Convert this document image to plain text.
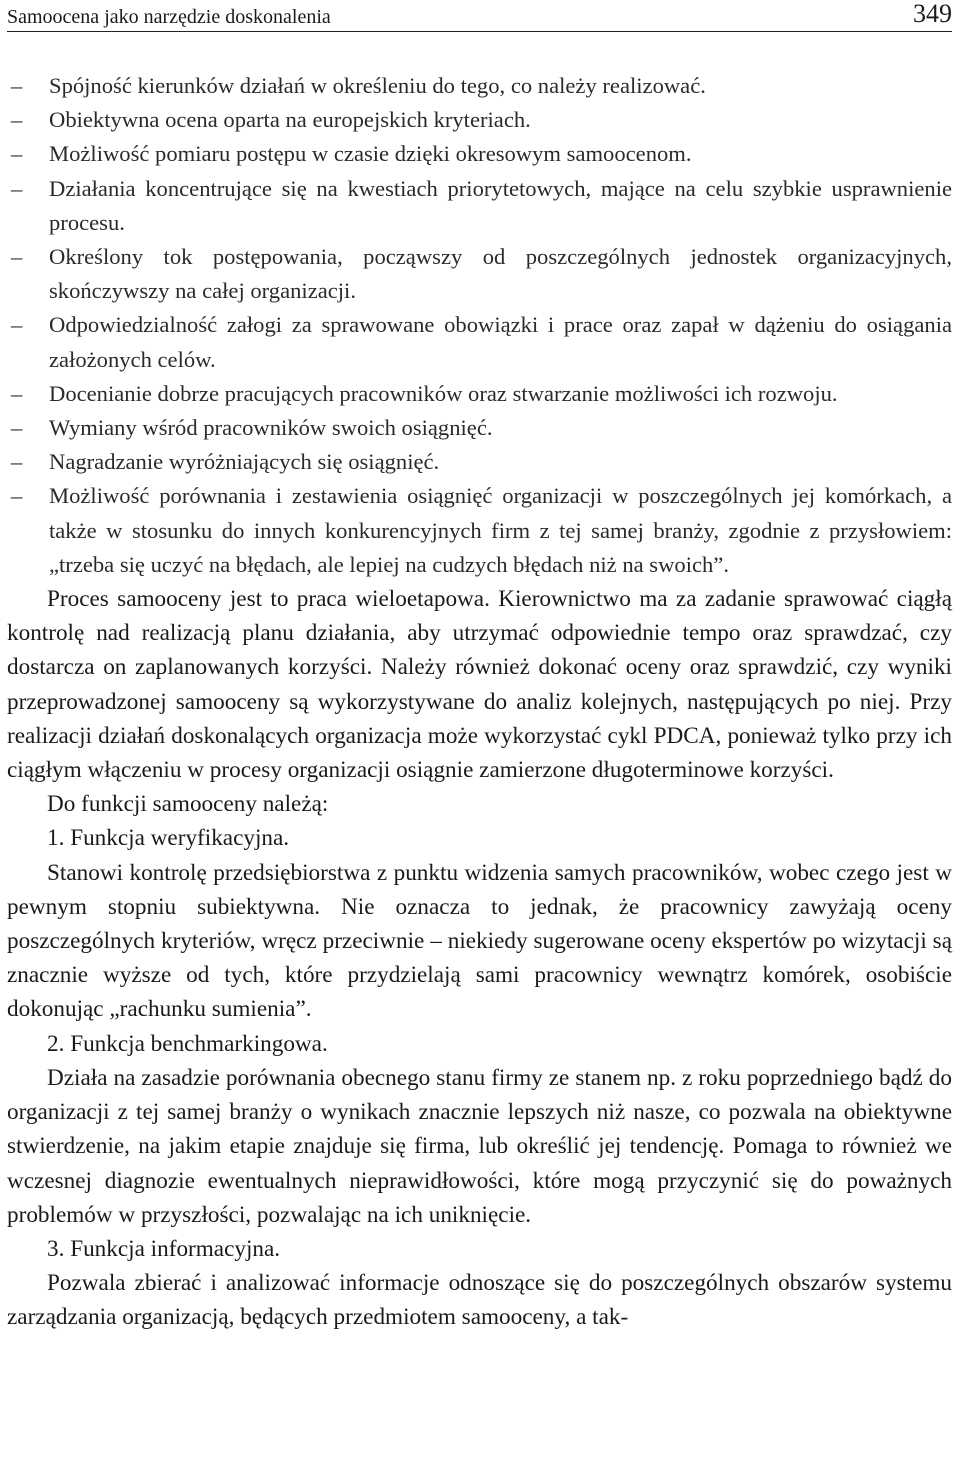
Samoocena jako narzędzie doskonalenia	349
–	Spójność kierunków działań w określeniu do tego, co należy realizować.
–	Obiektywna ocena oparta na europejskich kryteriach.
–	Możliwość pomiaru postępu w czasie dzięki okresowym samoocenom.
–	Działania koncentrujące się na kwestiach priorytetowych, mające na celu szybkie usprawnienie procesu.
–	Określony tok postępowania, począwszy od poszczególnych jednostek organizacyjnych, skończywszy na całej organizacji.
–	Odpowiedzialność załogi za sprawowane obowiązki i prace oraz zapał w dążeniu do osiągania założonych celów.
–	Docenianie dobrze pracujących pracowników oraz stwarzanie możliwości ich rozwoju.
–	Wymiany wśród pracowników swoich osiągnięć.
–	Nagradzanie wyróżniających się osiągnięć.
–	Możliwość porównania i zestawienia osiągnięć organizacji w poszczególnych jej komórkach, a także w stosunku do innych konkurencyjnych firm z tej samej branży, zgodnie z przysłowiem: „trzeba się uczyć na błędach, ale lepiej na cudzych błędach niż na swoich”.

Proces samooceny jest to praca wieloetapowa. Kierownictwo ma za zadanie sprawować ciągłą kontrolę nad realizacją planu działania, aby utrzymać odpowiednie tempo oraz sprawdzać, czy dostarcza on zaplanowanych korzyści. Należy również dokonać oceny oraz sprawdzić, czy wyniki przeprowadzonej samooceny są wykorzystywane do analiz kolejnych, następujących po niej. Przy realizacji działań doskonalących organizacja może wykorzystać cykl PDCA, ponieważ tylko przy ich ciągłym włączeniu w procesy organizacji osiągnie zamierzone długoterminowe korzyści.

Do funkcji samooceny należą:

1. Funkcja weryfikacyjna.

Stanowi kontrolę przedsiębiorstwa z punktu widzenia samych pracowników, wobec czego jest w pewnym stopniu subiektywna. Nie oznacza to jednak, że pracownicy zawyżają oceny poszczególnych kryteriów, wręcz przeciwnie – niekiedy sugerowane oceny ekspertów po wizytacji są znacznie wyższe od tych, które przydzielają sami pracownicy wewnątrz komórek, osobiście dokonując „rachunku sumienia”.

2. Funkcja benchmarkingowa.

Działa na zasadzie porównania obecnego stanu firmy ze stanem np. z roku poprzedniego bądź do organizacji z tej samej branży o wynikach znacznie lepszych niż nasze, co pozwala na obiektywne stwierdzenie, na jakim etapie znajduje się firma, lub określić jej tendencję. Pomaga to również we wczesnej diagnozie ewentualnych nieprawidłowości, które mogą przyczynić się do poważnych problemów w przyszłości, pozwalając na ich uniknięcie.

3. Funkcja informacyjna.

Pozwala zbierać i analizować informacje odnoszące się do poszczególnych obszarów systemu zarządzania organizacją, będących przedmiotem samooceny, a tak-
